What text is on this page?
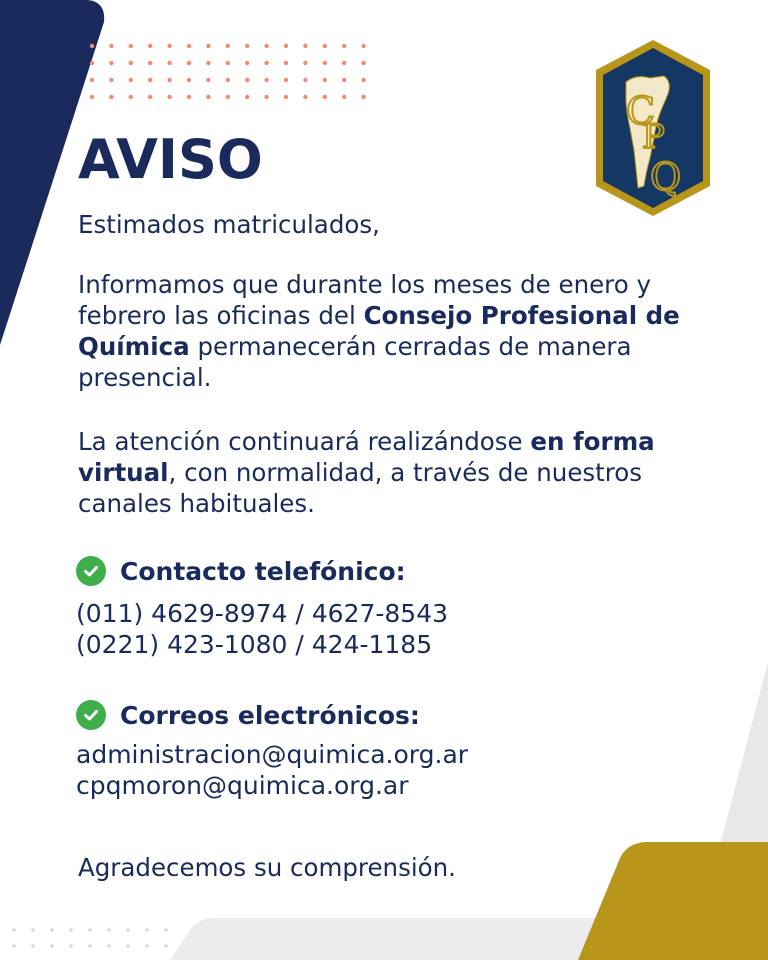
C
P
Q
AVISO

Estimados matriculados,

Informamos que durante los meses de enero y febrero las oficinas del Consejo Profesional de Química permanecerán cerradas de manera presencial.

La atención continuará realizándose en forma virtual, con normalidad, a través de nuestros canales habituales.

Contacto telefónico:
(011) 4629-8974 / 4627-8543
(0221) 423-1080 / 424-1185
Correos electrónicos:
administracion@quimica.org.ar
cpqmoron@quimica.org.ar

Agradecemos su comprensión.
